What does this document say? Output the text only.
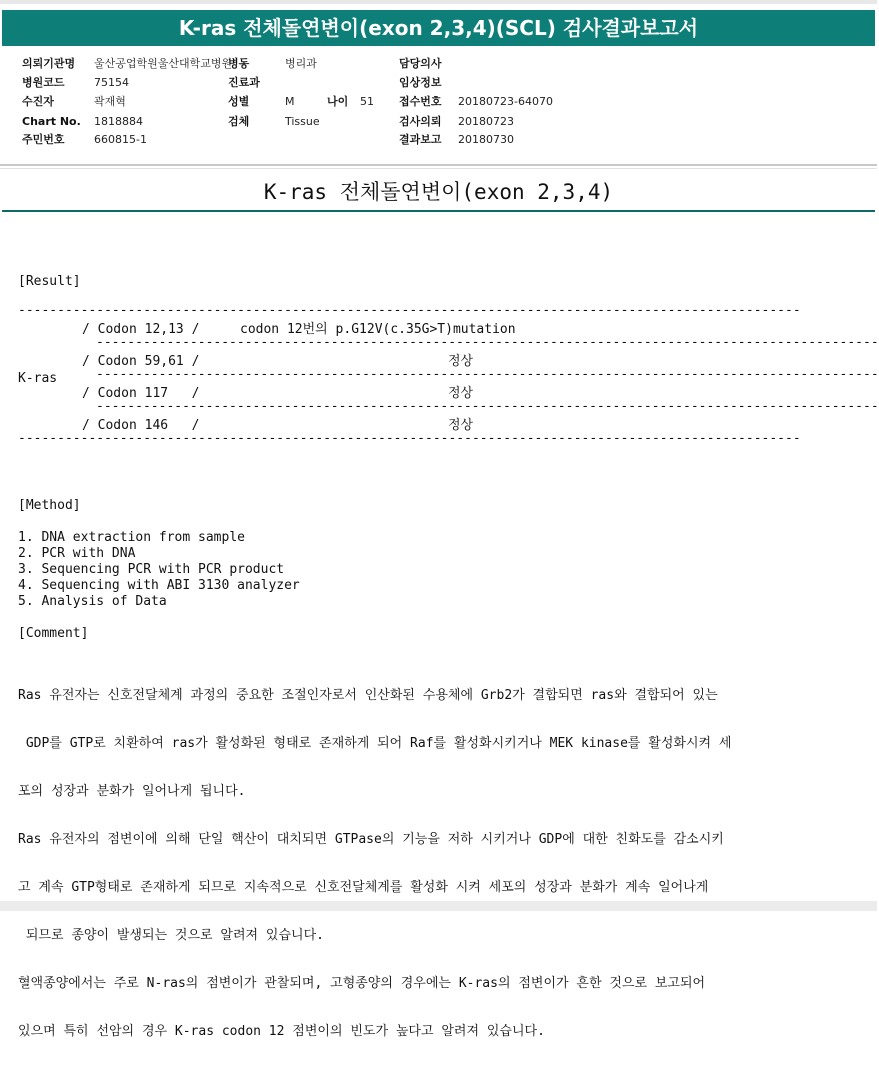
K-ras 전체돌연변이(exon 2,3,4)(SCL) 검사결과보고서
의뢰기관명 울산공업학원울산대학교병원
병동	병리과	담당의사
병원코드	75154	진료과	임상정보
수진자	곽재혁	성별	M	나이 51 접수번호 20180723-64070
Chart No. 1818884	검체	Tissue	검사의뢰 20180723
주민번호	660815-1	결과보고 20180730
K-ras 전체돌연변이(exon 2,3,4)
[Result]
----------------------------------------------------------------------------------------------------
/ Codon 12,13 /	codon 12번의 p.G12V(c.35G>T)mutation
----------------------------------------------------------------------------------------------------
K-ras
/ Codon 59,61 /	정상
----------------------------------------------------------------------------------------------------
/ Codon 117   /	정상
----------------------------------------------------------------------------------------------------
/ Codon 146   /	정상
----------------------------------------------------------------------------------------------------
[Method]
1. DNA extraction from sample
2. PCR with DNA
3. Sequencing PCR with PCR product
4. Sequencing with ABI 3130 analyzer
5. Analysis of Data
[Comment]

Ras 유전자는 신호전달체계 과정의 중요한 조절인자로서 인산화된 수용체에 Grb2가 결합되면 ras와 결합되어 있는

GDP를 GTP로 치환하여 ras가 활성화된 형태로 존재하게 되어 Raf를 활성화시키거나 MEK kinase를 활성화시켜 세

포의 성장과 분화가 일어나게 됩니다.

Ras 유전자의 점변이에 의해 단일 핵산이 대치되면 GTPase의 기능을 저하 시키거나 GDP에 대한 친화도를 감소시키

고 계속 GTP형태로 존재하게 되므로 지속적으로 신호전달체계를 활성화 시켜 세포의 성장과 분화가 계속 일어나게

되므로 종양이 발생되는 것으로 알려져 있습니다.

혈액종양에서는 주로 N-ras의 점변이가 관찰되며, 고형종양의 경우에는 K-ras의 점변이가 흔한 것으로 보고되어

있으며 특히 선암의 경우 K-ras codon 12 점변이의 빈도가 높다고 알려져 있습니다.
